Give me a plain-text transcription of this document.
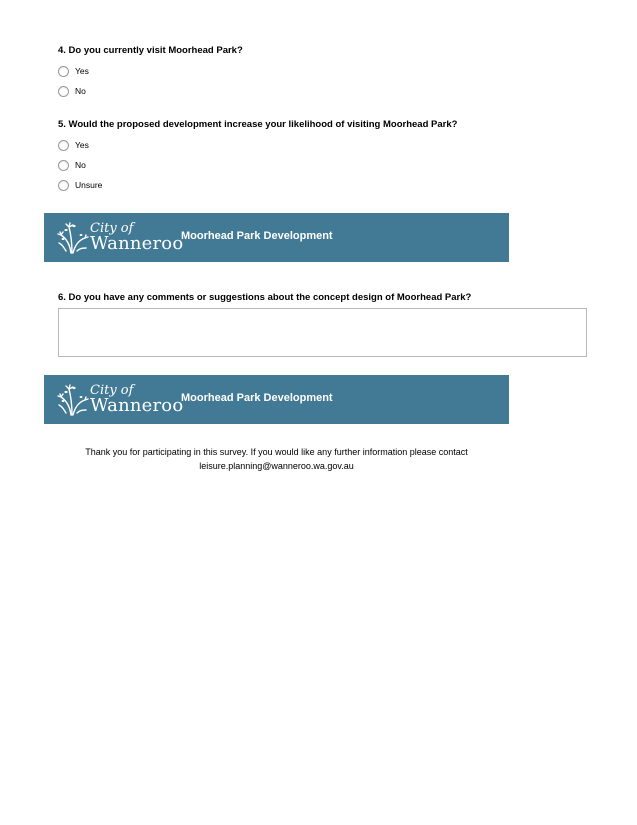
4. Do you currently visit Moorhead Park?
Yes
No
5. Would the proposed development increase your likelihood of visiting Moorhead Park?
Yes
No
Unsure
City of
Wanneroo
Moorhead Park Development
6. Do you have any comments or suggestions about the concept design of Moorhead Park?
City of
Wanneroo
Moorhead Park Development
Thank you for participating in this survey. If you would like any further information please contact
leisure.planning@wanneroo.wa.gov.au
